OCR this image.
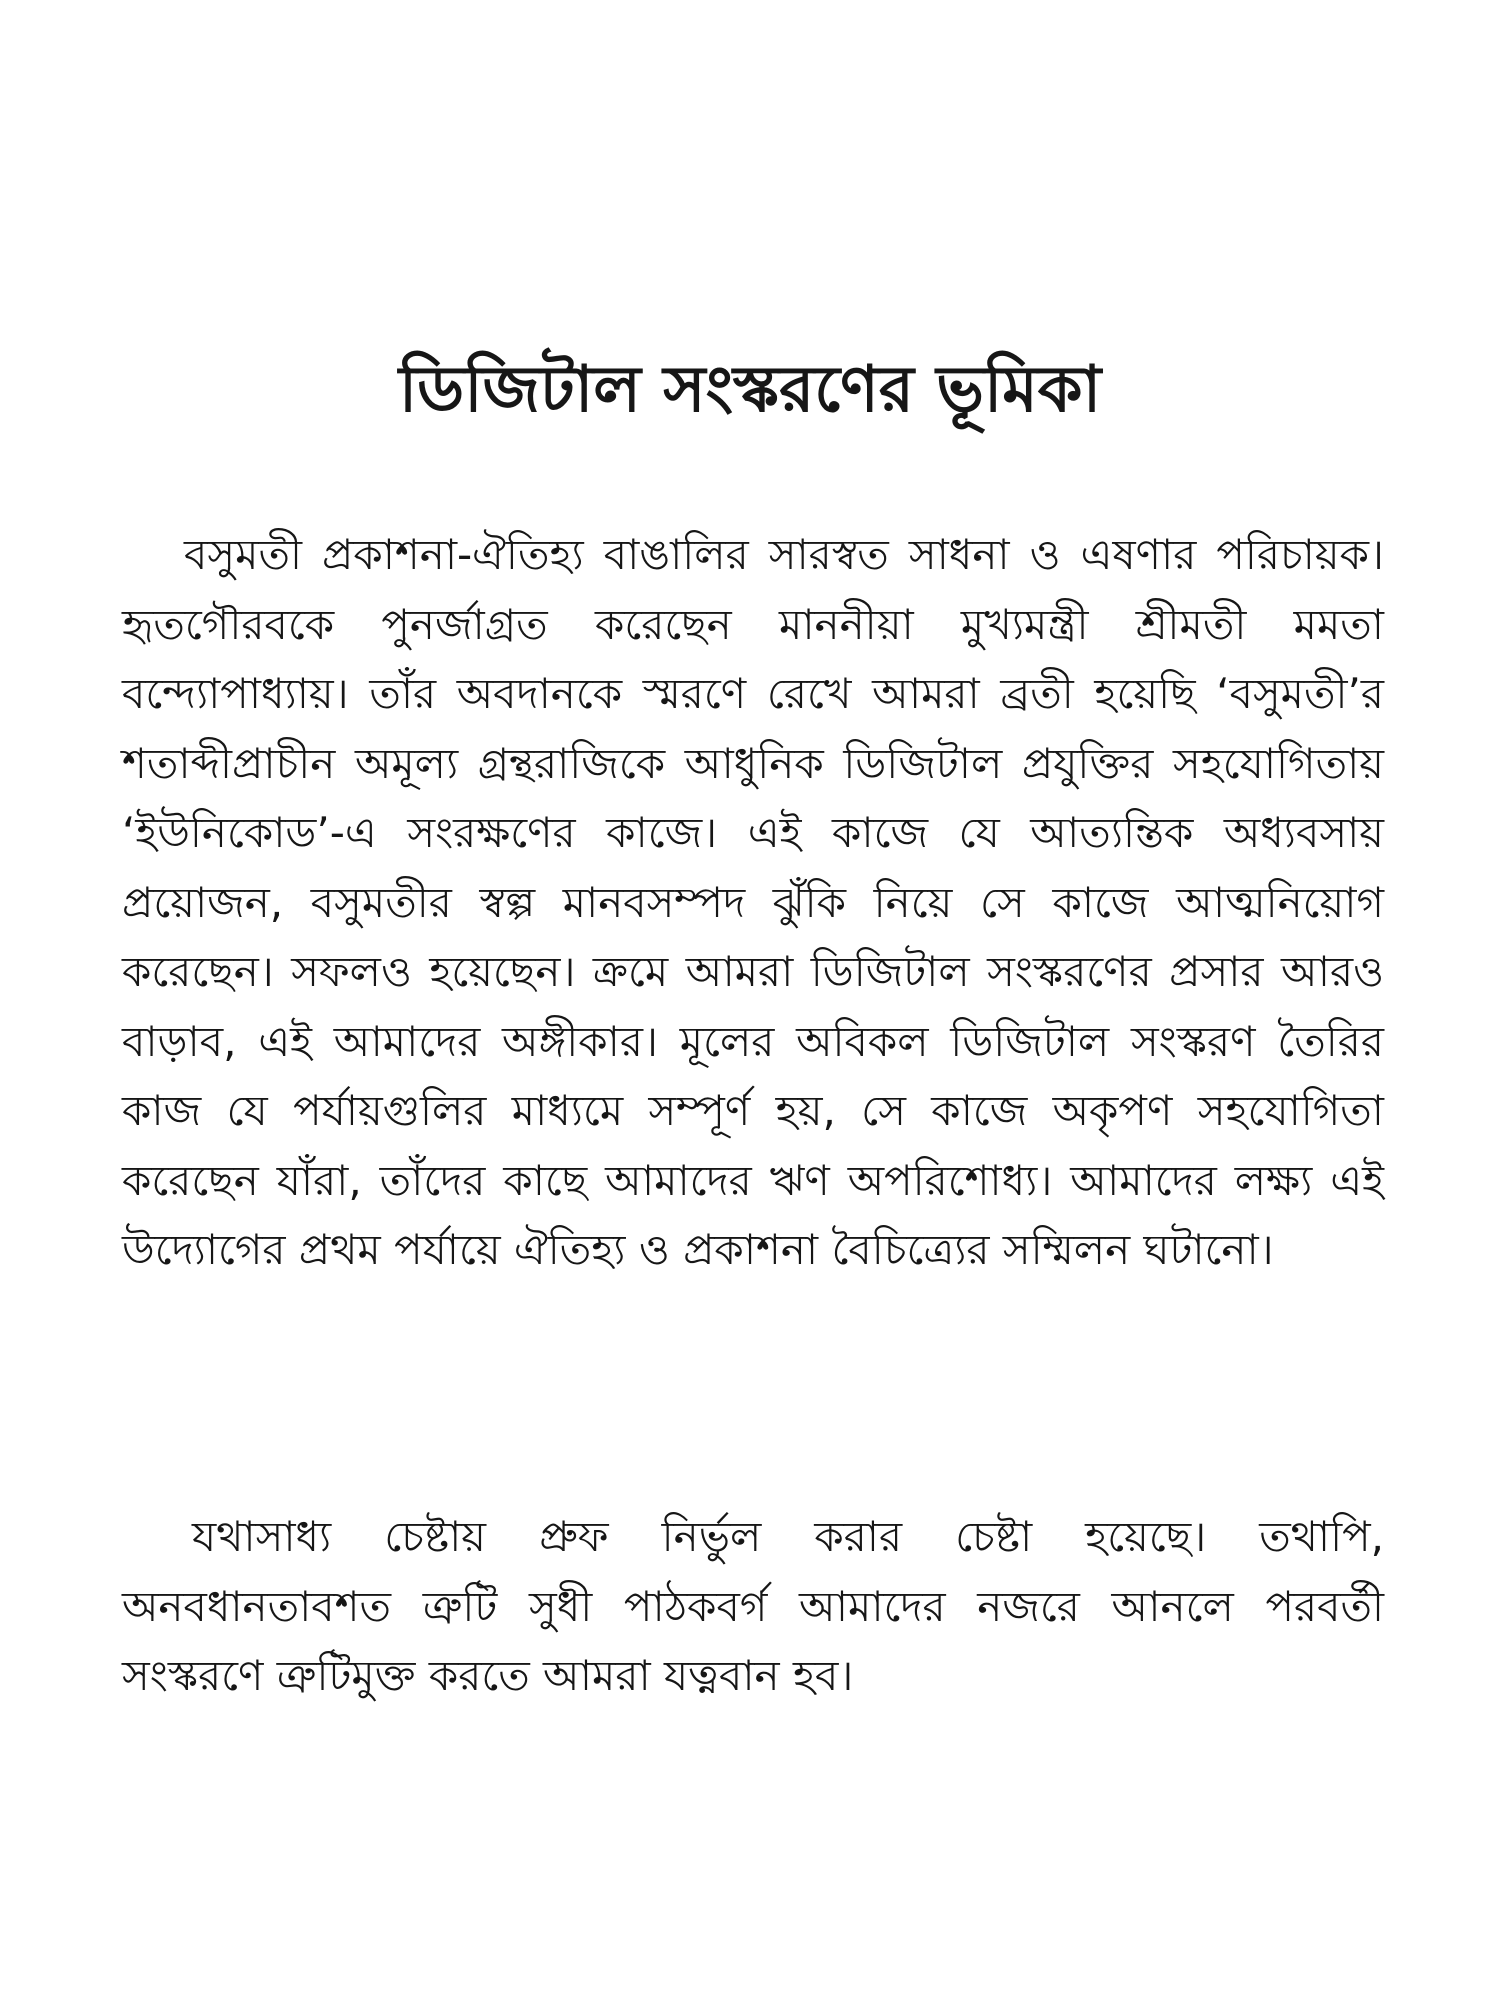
ডিজিটাল সংস্করণের ভূমিকা

বসুমতী প্রকাশনা-ঐতিহ্য বাঙালির সারস্বত সাধনা ও এষণার পরিচায়ক। হৃতগৌরবকে পুনর্জাগ্রত করেছেন মাননীয়া মুখ্যমন্ত্রী শ্রীমতী মমতা বন্দ্যোপাধ্যায়। তাঁর অবদানকে স্মরণে রেখে আমরা ব্রতী হয়েছি ‘বসুমতী’র শতাব্দীপ্রাচীন অমূল্য গ্রন্থরাজিকে আধুনিক ডিজিটাল প্রযুক্তির সহযোগিতায় ‘ইউনিকোড’-এ সংরক্ষণের কাজে। এই কাজে যে আত্যন্তিক অধ্যবসায় প্রয়োজন, বসুমতীর স্বল্প মানবসম্পদ ঝুঁকি নিয়ে সে কাজে আত্মনিয়োগ করেছেন। সফলও হয়েছেন। ক্রমে আমরা ডিজিটাল সংস্করণের প্রসার আরও বাড়াব, এই আমাদের অঙ্গীকার। মূলের অবিকল ডিজিটাল সংস্করণ তৈরির কাজ যে পর্যায়গুলির মাধ্যমে সম্পূর্ণ হয়, সে কাজে অকৃপণ সহযোগিতা করেছেন যাঁরা, তাঁদের কাছে আমাদের ঋণ অপরিশোধ্য। আমাদের লক্ষ্য এই উদ্যোগের প্রথম পর্যায়ে ঐতিহ্য ও প্রকাশনা বৈচিত্র্যের সম্মিলন ঘটানো।

যথাসাধ্য চেষ্টায় প্রুফ নির্ভুল করার চেষ্টা হয়েছে। তথাপি, অনবধানতাবশত ত্রুটি সুধী পাঠকবর্গ আমাদের নজরে আনলে পরবর্তী সংস্করণে ত্রুটিমুক্ত করতে আমরা যত্নবান হব।
